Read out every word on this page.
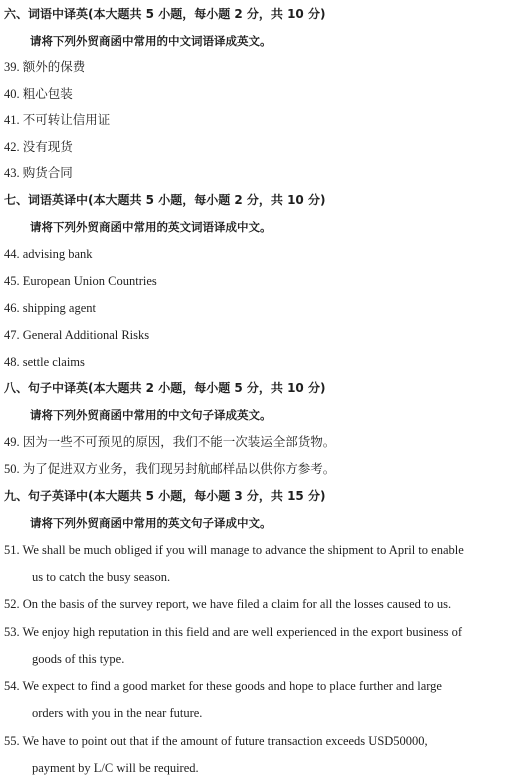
六、词语中译英(本大题共 5 小题，每小题 2 分，共 10 分)
请将下列外贸商函中常用的中文词语译成英文。
39. 额外的保费
40. 粗心包装
41. 不可转让信用证
42. 没有现货
43. 购货合同
七、词语英译中(本大题共 5 小题，每小题 2 分，共 10 分)
请将下列外贸商函中常用的英文词语译成中文。
44. advising bank
45. European Union Countries
46. shipping agent
47. General Additional Risks
48. settle claims
八、句子中译英(本大题共 2 小题，每小题 5 分，共 10 分)
请将下列外贸商函中常用的中文句子译成英文。
49. 因为一些不可预见的原因，我们不能一次装运全部货物。
50. 为了促进双方业务，我们现另封航邮样品以供你方参考。
九、句子英译中(本大题共 5 小题，每小题 3 分，共 15 分)
请将下列外贸商函中常用的英文句子译成中文。
51. We shall be much obliged if you will manage to advance the shipment to April to enable
us to catch the busy season.
52. On the basis of the survey report, we have filed a claim for all the losses caused to us.
53. We enjoy high reputation in this field and are well experienced in the export business of
goods of this type.
54. We expect to find a good market for these goods and hope to place further and large
orders with you in the near future.
55. We have to point out that if the amount of future transaction exceeds USD50000,
payment by L/C will be required.
